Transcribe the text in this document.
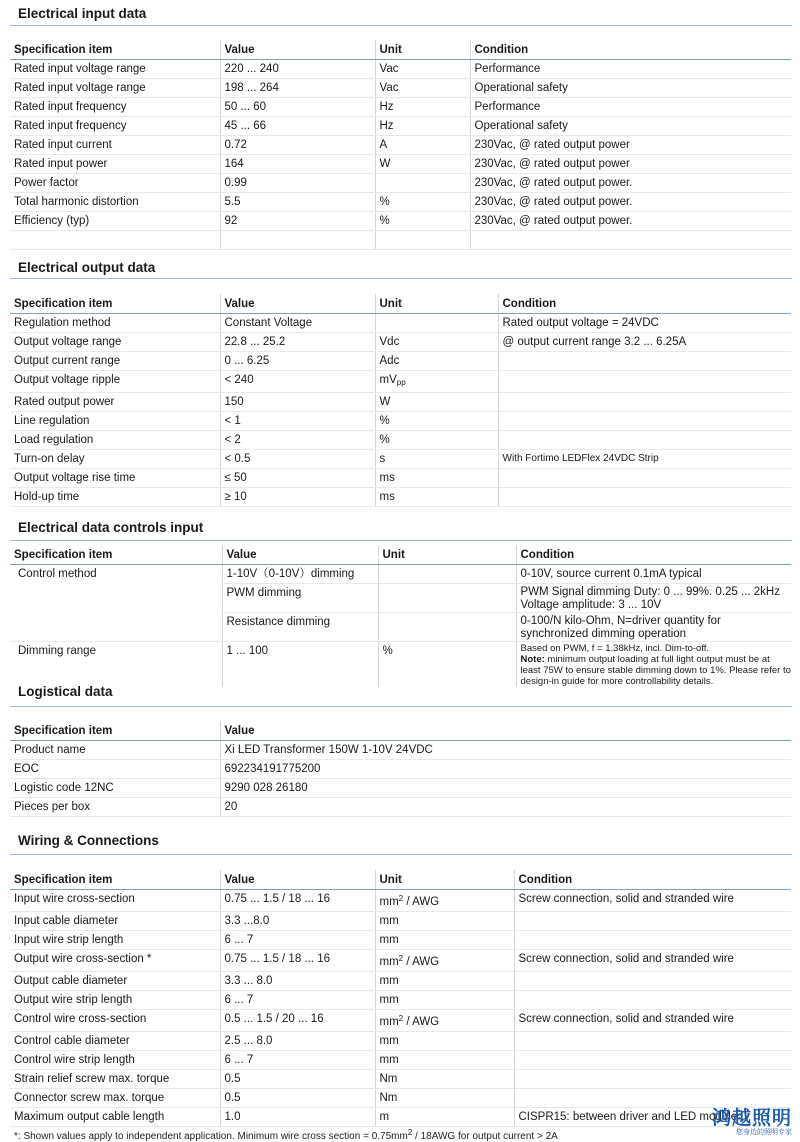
Electrical input data
Specification item	Value	Unit	Condition
Rated input voltage range	220 ... 240	Vac	Performance
Rated input voltage range	198 ... 264	Vac	Operational safety
Rated input frequency	50 ... 60	Hz	Performance
Rated input frequency	45 ... 66	Hz	Operational safety
Rated input current	0.72	A	230Vac, @ rated output power
Rated input power	164	W	230Vac, @ rated output power
Power factor	0.99		230Vac, @ rated output power.
Total harmonic distortion	5.5	%	230Vac, @ rated output power.
Efficiency (typ)	92	%	230Vac, @ rated output power.

Electrical output data
Specification item	Value	Unit	Condition
Regulation method	Constant Voltage		Rated output voltage = 24VDC
Output voltage range	22.8 ... 25.2	Vdc	@ output current range 3.2 ... 6.25A
Output current range	0 ... 6.25	Adc	
Output voltage ripple	< 240	$mV_{pp}$	
Rated output power	150	W	
Line regulation	< 1	%	
Load regulation	< 2	%	
Turn-on delay	< 0.5	s	With Fortimo LEDFlex 24VDC Strip
Output voltage rise time	≤ 50	ms	
Hold-up time	≥ 10	ms	
Electrical data controls input
Specification item	Value	Unit	Condition
Control method	1-10V（0-10V）dimming		0-10V, source current 0.1mA typical
	PWM dimming		PWM Signal dimming Duty: 0 ... 99%. 0.25 ... 2kHz Voltage amplitude: 3 ... 10V
	Resistance dimming		0-100/N kilo-Ohm, N=driver quantity for synchronized dimming operation
Dimming range	1 ... 100	%	Based on PWM, f = 1.38kHz, incl. Dim-to-off.
Note: minimum output loading at full light output must be at least 75W to ensure stable dimming down to 1%. Please refer to design-in guide for more controllability details.
Logistical data
Specification item	Value
Product name	Xi LED Transformer 150W 1-10V 24VDC
EOC	692234191775200
Logistic code 12NC	9290 028 26180
Pieces per box	20
Wiring & Connections
Specification item	Value	Unit	Condition
Input wire cross-section	0.75 ... 1.5 / 18 ... 16	$mm^2$ / AWG	Screw connection, solid and stranded wire
Input cable diameter	3.3 ...8.0	mm	
Input wire strip length	6 ... 7	mm	
Output wire cross-section *	0.75 ... 1.5 / 18 ... 16	$mm^2$ / AWG	Screw connection, solid and stranded wire
Output cable diameter	3.3 ... 8.0	mm	
Output wire strip length	6 ... 7	mm	
Control wire cross-section	0.5 ... 1.5 / 20 ... 16	$mm^2$ / AWG	Screw connection, solid and stranded wire
Control cable diameter	2.5 ... 8.0	mm	
Control wire strip length	6 ... 7	mm	
Strain relief screw max. torque	0.5	Nm	
Connector screw max. torque	0.5	Nm	
Maximum output cable length	1.0	m	CISPR15: between driver and LED module
*: Shown values apply to independent application. Minimum wire cross section = $0.75mm^2 / 18AWG$ for output current > 2A
鸿越照明
您身边的照明专家
